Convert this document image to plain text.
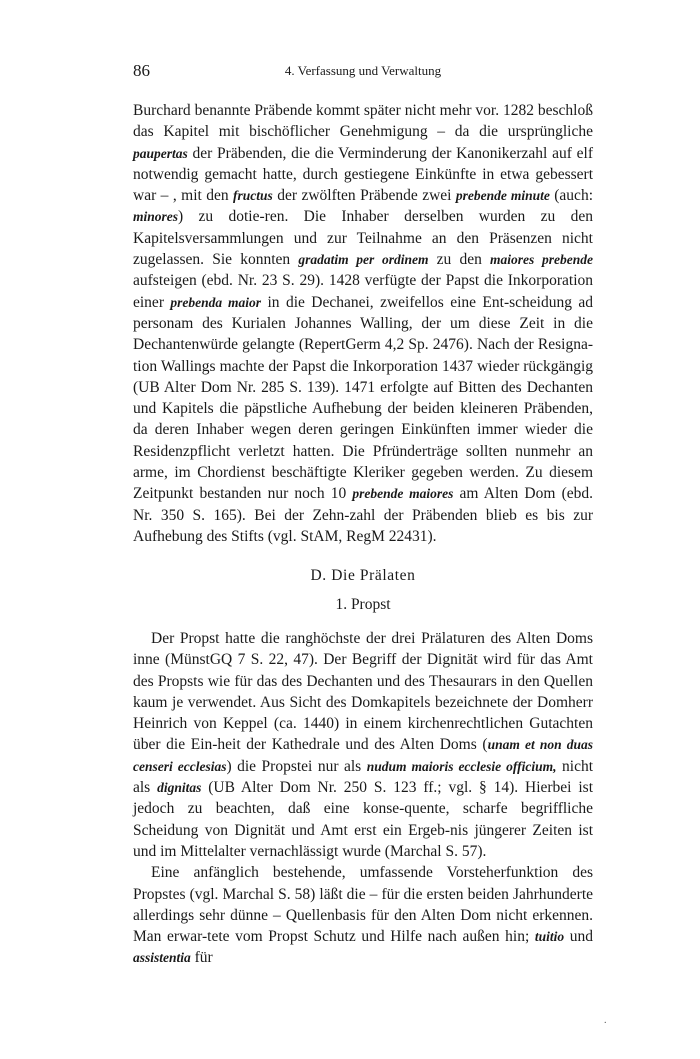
86	4. Verfassung und Verwaltung

Burchard benannte Präbende kommt später nicht mehr vor. 1282 beschloß das Kapitel mit bischöflicher Genehmigung – da die ursprüngliche paupertas der Präbenden, die die Verminderung der Kanonikerzahl auf elf notwendig gemacht hatte, durch gestiegene Einkünfte in etwa gebessert war – , mit den fructus der zwölften Präbende zwei prebende minute (auch: minores) zu dotie-ren. Die Inhaber derselben wurden zu den Kapitelsversammlungen und zur Teilnahme an den Präsenzen nicht zugelassen. Sie konnten gradatim per ordinem zu den maiores prebende aufsteigen (ebd. Nr. 23 S. 29). 1428 verfügte der Papst die Inkorporation einer prebenda maior in die Dechanei, zweifellos eine Ent-scheidung ad personam des Kurialen Johannes Walling, der um diese Zeit in die Dechantenwürde gelangte (RepertGerm 4,2 Sp. 2476). Nach der Resigna-tion Wallings machte der Papst die Inkorporation 1437 wieder rückgängig (UB Alter Dom Nr. 285 S. 139). 1471 erfolgte auf Bitten des Dechanten und Kapitels die päpstliche Aufhebung der beiden kleineren Präbenden, da deren Inhaber wegen deren geringen Einkünften immer wieder die Residenzpflicht verletzt hatten. Die Pfründerträge sollten nunmehr an arme, im Chordienst beschäftigte Kleriker gegeben werden. Zu diesem Zeitpunkt bestanden nur noch 10 prebende maiores am Alten Dom (ebd. Nr. 350 S. 165). Bei der Zehn-zahl der Präbenden blieb es bis zur Aufhebung des Stifts (vgl. StAM, RegM 22431).

D. Die Prälaten
1. Propst

Der Propst hatte die ranghöchste der drei Prälaturen des Alten Doms inne (MünstGQ 7 S. 22, 47). Der Begriff der Dignität wird für das Amt des Propsts wie für das des Dechanten und des Thesaurars in den Quellen kaum je verwendet. Aus Sicht des Domkapitels bezeichnete der Domherr Heinrich von Keppel (ca. 1440) in einem kirchenrechtlichen Gutachten über die Ein-heit der Kathedrale und des Alten Doms (unam et non duas censeri ecclesias) die Propstei nur als nudum maioris ecclesie officium, nicht als dignitas (UB Alter Dom Nr. 250 S. 123 ff.; vgl. § 14). Hierbei ist jedoch zu beachten, daß eine konse-quente, scharfe begriffliche Scheidung von Dignität und Amt erst ein Ergeb-nis jüngerer Zeiten ist und im Mittelalter vernachlässigt wurde (Marchal S. 57).

Eine anfänglich bestehende, umfassende Vorsteherfunktion des Propstes (vgl. Marchal S. 58) läßt die – für die ersten beiden Jahrhunderte allerdings sehr dünne – Quellenbasis für den Alten Dom nicht erkennen. Man erwar-tete vom Propst Schutz und Hilfe nach außen hin; tuitio und assistentia für

.
